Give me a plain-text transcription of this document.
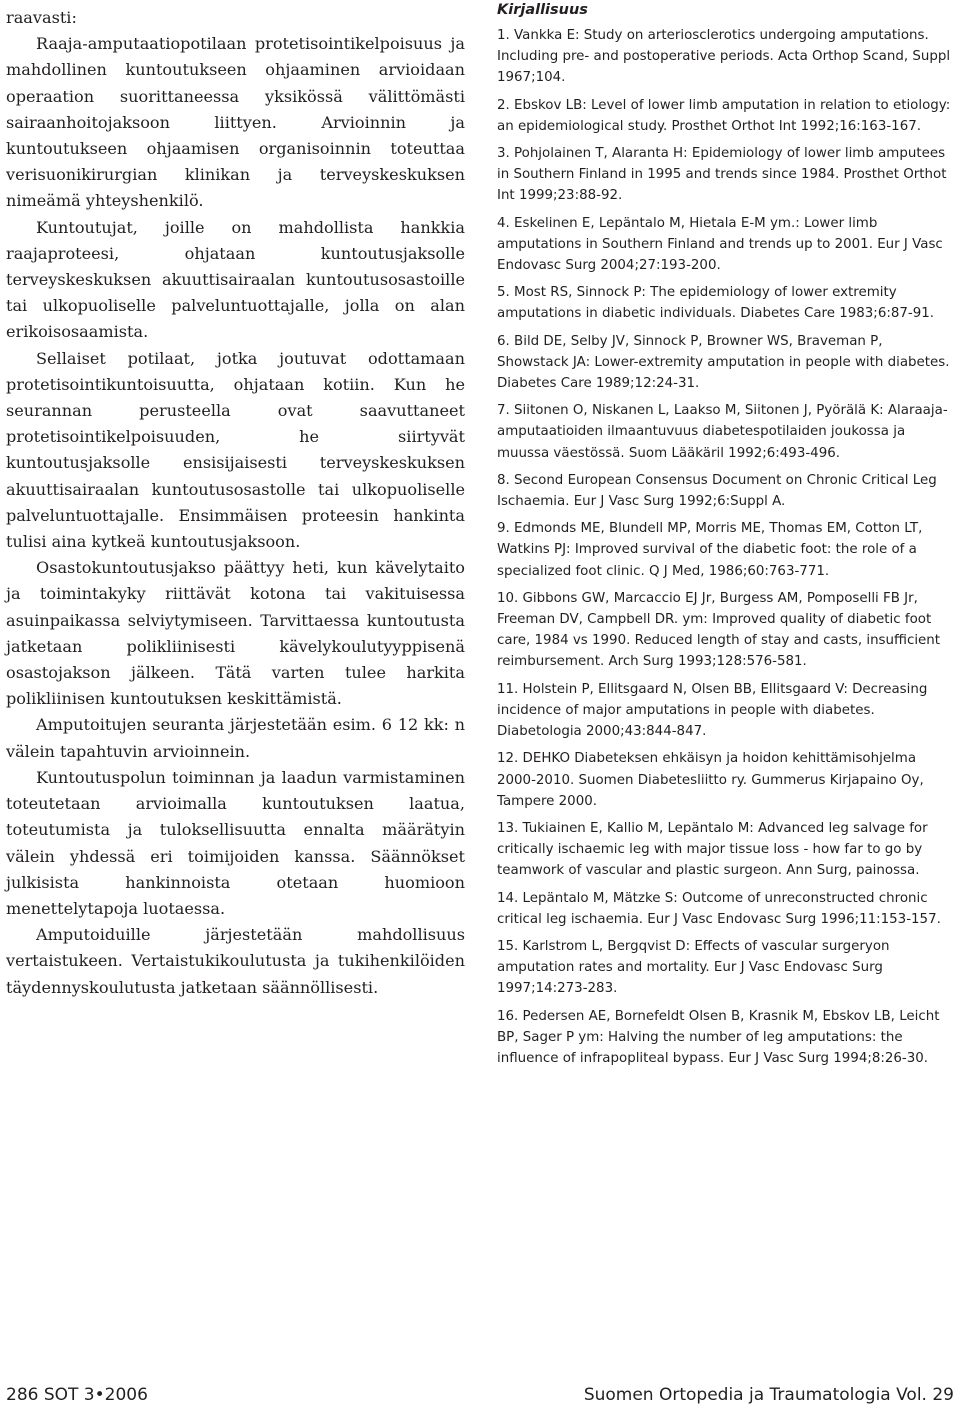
raavasti:

Raaja-amputaatiopotilaan protetisointikelpoisuus ja mahdollinen kuntoutukseen ohjaaminen arvioidaan operaation suorittaneessa yksikössä välittömästi sairaanhoitojaksoon liittyen. Arvioinnin ja kuntoutukseen ohjaamisen organisoinnin toteuttaa verisuonikirurgian klinikan ja terveyskeskuksen nimeämä yhteyshenkilö.

Kuntoutujat, joille on mahdollista hankkia raajaproteesi, ohjataan kuntoutusjaksolle terveyskeskuksen akuuttisairaalan kuntoutusosastoille tai ulkopuoliselle palveluntuottajalle, jolla on alan erikoisosaamista.

Sellaiset potilaat, jotka joutuvat odottamaan protetisointikuntoisuutta, ohjataan kotiin. Kun he seurannan perusteella ovat saavuttaneet protetisointikelpoisuuden, he siirtyvät kuntoutusjaksolle ensisijaisesti terveyskeskuksen akuuttisairaalan kuntoutusosastolle tai ulkopuoliselle palveluntuottajalle. Ensimmäisen proteesin hankinta tulisi aina kytkeä kuntoutusjaksoon.

Osastokuntoutusjakso päättyy heti, kun kävelytaito ja toimintakyky riittävät kotona tai vakituisessa asuinpaikassa selviytymiseen. Tarvittaessa kuntoutusta jatketaan polikliinisesti kävelykoulutyyppisenä osastojakson jälkeen. Tätä varten tulee harkita polikliinisen kuntoutuksen keskittämistä.

Amputoitujen seuranta järjestetään esim. 6 12 kk: n välein tapahtuvin arvioinnein.

Kuntoutuspolun toiminnan ja laadun varmistaminen toteutetaan arvioimalla kuntoutuksen laatua, toteutumista ja tuloksellisuutta ennalta määrätyin välein yhdessä eri toimijoiden kanssa. Säännökset julkisista hankinnoista otetaan huomioon menettelytapoja luotaessa.

Amputoiduille järjestetään mahdollisuus vertaistukeen. Vertaistukikoulutusta ja tukihenkilöiden täydennyskoulutusta jatketaan säännöllisesti.

Kirjallisuus

1. Vankka E: Study on arteriosclerotics undergoing amputations. Including pre- and postoperative periods. Acta Orthop Scand, Suppl 1967;104.

2. Ebskov LB: Level of lower limb amputation in relation to etiology: an epidemiological study. Prosthet Orthot Int 1992;16:163-167.

3. Pohjolainen T, Alaranta H: Epidemiology of lower limb amputees in Southern Finland in 1995 and trends since 1984. Prosthet Orthot Int 1999;23:88-92.

4. Eskelinen E, Lepäntalo M, Hietala E-M ym.: Lower limb amputations in Southern Finland and trends up to 2001. Eur J Vasc Endovasc Surg 2004;27:193-200.

5. Most RS, Sinnock P: The epidemiology of lower extremity amputations in diabetic individuals. Diabetes Care 1983;6:87-91.

6. Bild DE, Selby JV, Sinnock P, Browner WS, Braveman P, Showstack JA: Lower-extremity amputation in people with diabetes. Diabetes Care 1989;12:24-31.

7. Siitonen O, Niskanen L, Laakso M, Siitonen J, Pyörälä K: Alaraaja-amputaatioiden ilmaantuvuus diabetespotilaiden joukossa ja muussa väestössä. Suom Lääkäril 1992;6:493-496.

8. Second European Consensus Document on Chronic Critical Leg Ischaemia. Eur J Vasc Surg 1992;6:Suppl A.

9. Edmonds ME, Blundell MP, Morris ME, Thomas EM, Cotton LT, Watkins PJ: Improved survival of the diabetic foot: the role of a specialized foot clinic. Q J Med, 1986;60:763-771.

10. Gibbons GW, Marcaccio EJ Jr, Burgess AM, Pomposelli FB Jr, Freeman DV, Campbell DR. ym: Improved quality of diabetic foot care, 1984 vs 1990. Reduced length of stay and casts, insufficient reimbursement. Arch Surg 1993;128:576-581.

11. Holstein P, Ellitsgaard N, Olsen BB, Ellitsgaard V: Decreasing incidence of major amputations in people with diabetes. Diabetologia 2000;43:844-847.

12. DEHKO Diabeteksen ehkäisyn ja hoidon kehittämisohjelma 2000-2010. Suomen Diabetesliitto ry. Gummerus Kirjapaino Oy, Tampere 2000.

13. Tukiainen E, Kallio M, Lepäntalo M: Advanced leg salvage for critically ischaemic leg with major tissue loss - how far to go by teamwork of vascular and plastic surgeon. Ann Surg, painossa.

14. Lepäntalo M, Mätzke S: Outcome of unreconstructed chronic critical leg ischaemia. Eur J Vasc Endovasc Surg 1996;11:153-157.

15. Karlstrom L, Bergqvist D: Effects of vascular surgeryon amputation rates and mortality. Eur J Vasc Endovasc Surg 1997;14:273-283.

16. Pedersen AE, Bornefeldt Olsen B, Krasnik M, Ebskov LB, Leicht BP, Sager P ym: Halving the number of leg amputations: the influence of infrapopliteal bypass. Eur J Vasc Surg 1994;8:26-30.

286 SOT 3•2006	Suomen Ortopedia ja Traumatologia Vol. 29
